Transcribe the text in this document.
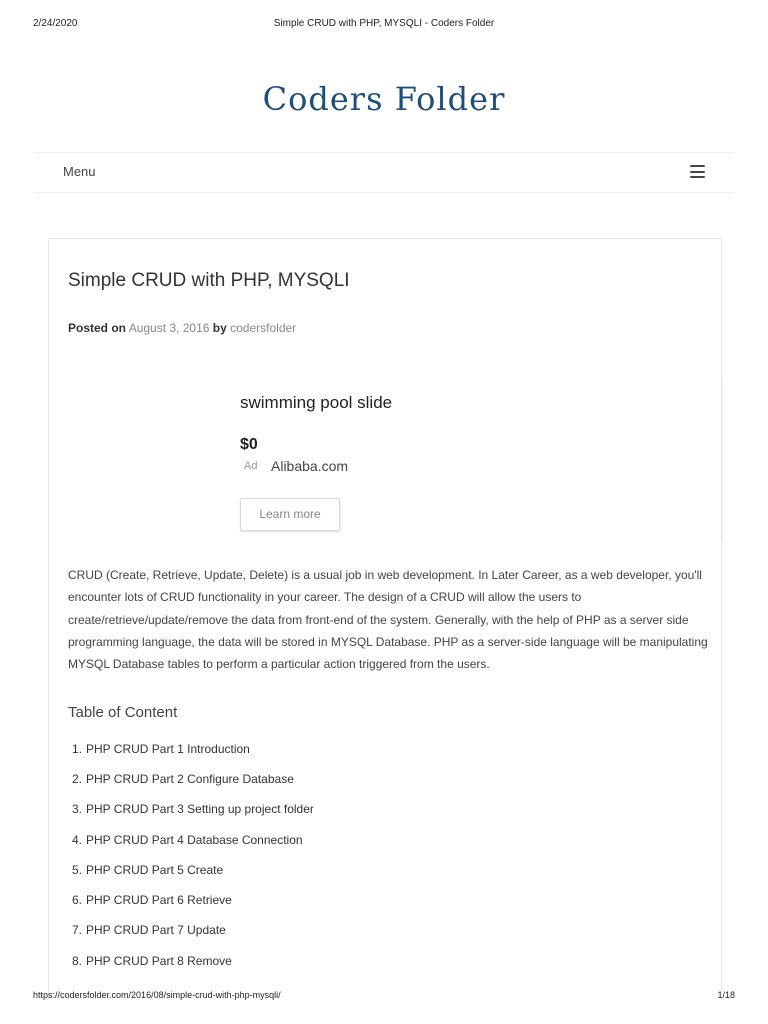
2/24/2020	Simple CRUD with PHP, MYSQLI - Coders Folder
Coders Folder
Menu
Simple CRUD with PHP, MYSQLI
Posted on August 3, 2016 by codersfolder
swimming pool slide
$0
Ad Alibaba.com
Learn more

CRUD (Create, Retrieve, Update, Delete) is a usual job in web development. In Later Career, as a web developer, you'll encounter lots of CRUD functionality in your career. The design of a CRUD will allow the users to create/retrieve/update/remove the data from front-end of the system. Generally, with the help of PHP as a server side programming language, the data will be stored in MYSQL Database. PHP as a server-side language will be manipulating MYSQL Database tables to perform a particular action triggered from the users.

Table of Content
1. PHP CRUD Part 1 Introduction
2. PHP CRUD Part 2 Configure Database
3. PHP CRUD Part 3 Setting up project folder
4. PHP CRUD Part 4 Database Connection
5. PHP CRUD Part 5 Create
6. PHP CRUD Part 6 Retrieve
7. PHP CRUD Part 7 Update
8. PHP CRUD Part 8 Remove
https://codersfolder.com/2016/08/simple-crud-with-php-mysqli/	1/18
